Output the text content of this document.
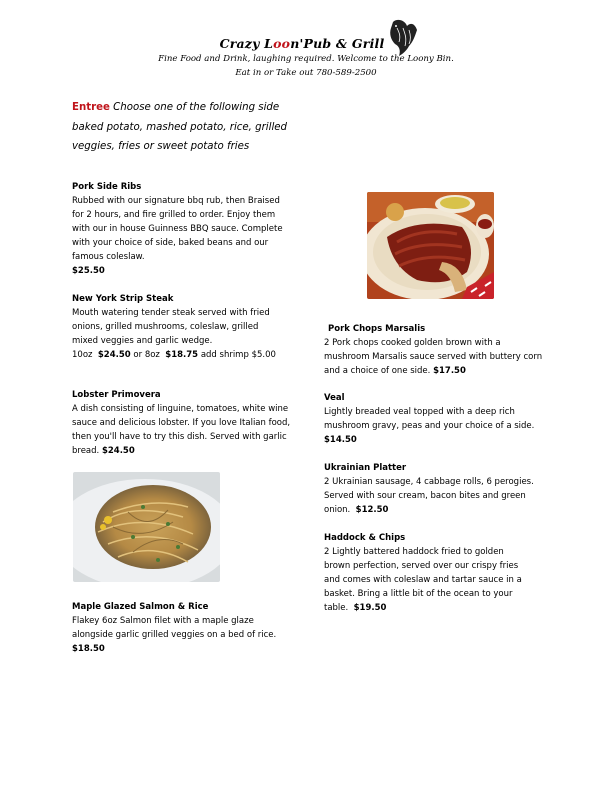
Crazy Loon'Pub & Grill
Fine Food and Drink, laughing required. Welcome to the Loony Bin.
Eat in or Take out 780-589-2500
Entree Choose one of the following side baked potato, mashed potato, rice, grilled veggies, fries or sweet potato fries
Pork Side Ribs
Rubbed with our signature bbq rub, then Braised for 2 hours, and fire grilled to order. Enjoy them with our in house Guinness BBQ sauce. Complete with your choice of side, baked beans and our famous coleslaw.
$25.50
New York Strip Steak
Mouth watering tender steak served with fried onions, grilled mushrooms, coleslaw, grilled mixed veggies and garlic wedge.
10oz $24.50 or 8oz $18.75 add shrimp $5.00
Lobster Primovera
A dish consisting of linguine, tomatoes, white wine sauce and delicious lobster. If you love Italian food, then you'll have to try this dish. Served with garlic bread. $24.50
Maple Glazed Salmon & Rice
Flakey 6oz Salmon filet with a maple glaze alongside garlic grilled veggies on a bed of rice.  $18.50
Pork Chops Marsalis
2 Pork chops cooked golden brown with a mushroom Marsalis sauce served with buttery corn and a choice of one side. $17.50
Veal
Lightly breaded veal topped with a deep rich mushroom gravy, peas and your choice of a side. $14.50
Ukrainian Platter
2 Ukrainian sausage, 4 cabbage rolls, 6 perogies. Served with sour cream, bacon bites and green onion. $12.50
Haddock & Chips
2 Lightly battered haddock fried to golden brown perfection, served over our crispy fries and comes with coleslaw and tartar sauce in a basket. Bring a little bit of the ocean to your table. $19.50
